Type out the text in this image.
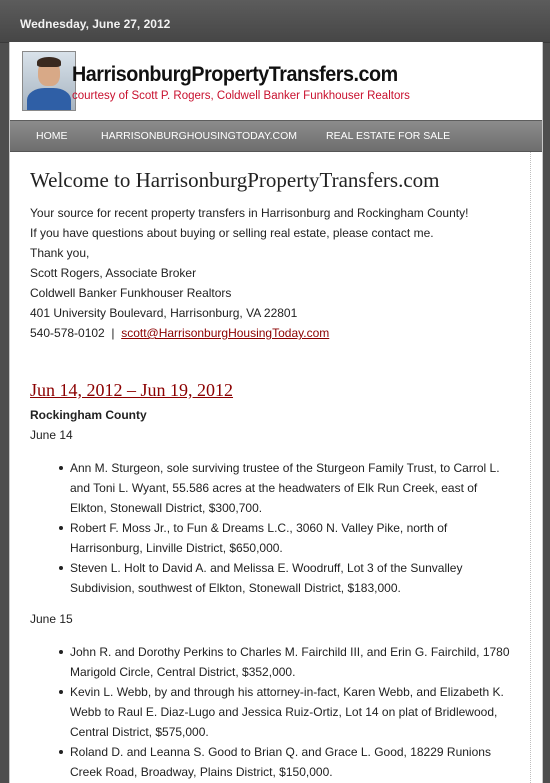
Wednesday, June 27, 2012
HarrisonburgPropertyTransfers.com
courtesy of Scott P. Rogers, Coldwell Banker Funkhouser Realtors
HOME	HARRISONBURGHOUSINGTODAY.COM	REAL ESTATE FOR SALE
Welcome to HarrisonburgPropertyTransfers.com

Your source for recent property transfers in Harrisonburg and Rockingham County!

If you have questions about buying or selling real estate, please contact me.

Thank you,

Scott Rogers, Associate Broker

Coldwell Banker Funkhouser Realtors

401 University Boulevard, Harrisonburg, VA 22801

540-578-0102  |  scott@HarrisonburgHousingToday.com

Jun 14, 2012 – Jun 19, 2012
Rockingham County
June 14
Ann M. Sturgeon, sole surviving trustee of the Sturgeon Family Trust, to Carrol L. and Toni L. Wyant, 55.586 acres at the headwaters of Elk Run Creek, east of Elkton, Stonewall District, $300,700.
Robert F. Moss Jr., to Fun & Dreams L.C., 3060 N. Valley Pike, north of Harrisonburg, Linville District, $650,000.
Steven L. Holt to David A. and Melissa E. Woodruff, Lot 3 of the Sunvalley Subdivision, southwest of Elkton, Stonewall District, $183,000.
June 15
John R. and Dorothy Perkins to Charles M. Fairchild III, and Erin G. Fairchild, 1780 Marigold Circle, Central District, $352,000.
Kevin L. Webb, by and through his attorney-in-fact, Karen Webb, and Elizabeth K. Webb to Raul E. Diaz-Lugo and Jessica Ruiz-Ortiz, Lot 14 on plat of Bridlewood, Central District, $575,000.
Roland D. and Leanna S. Good to Brian Q. and Grace L. Good, 18229 Runions Creek Road, Broadway, Plains District, $150,000.
